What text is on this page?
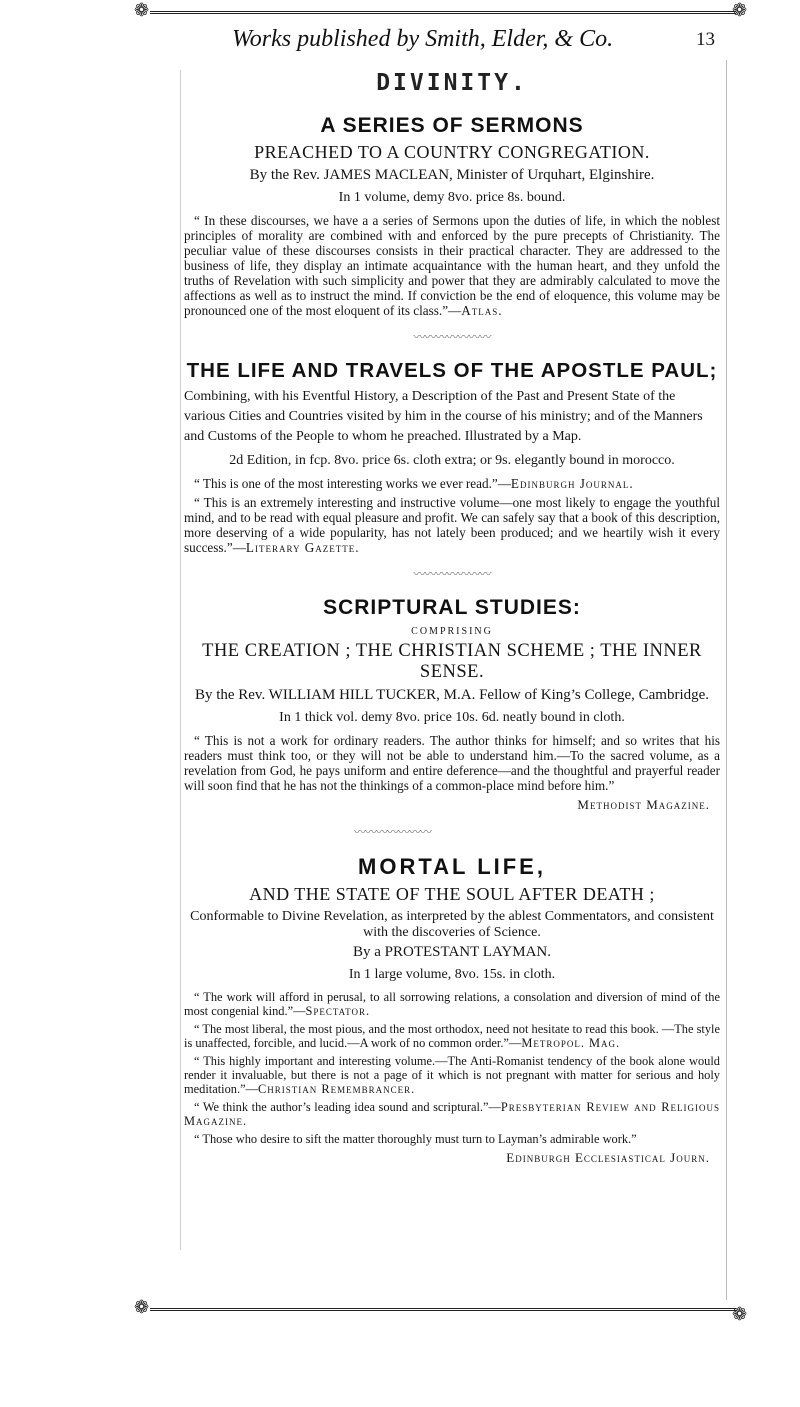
❁	❁
Works published by Smith, Elder, & Co.	13
DIVINITY.
A SERIES OF SERMONS
PREACHED TO A COUNTRY CONGREGATION.
By the Rev. JAMES MACLEAN, Minister of Urquhart, Elginshire.
In 1 volume, demy 8vo. price 8s. bound.

“ In these discourses, we have a a series of Sermons upon the duties of life, in which the noblest principles of morality are combined with and enforced by the pure precepts of Christianity. The peculiar value of these discourses consists in their practical character. They are addressed to the business of life, they display an intimate acquaintance with the human heart, and they unfold the truths of Revelation with such simplicity and power that they are admirably calculated to move the affections as well as to instruct the mind. If conviction be the end of eloquence, this volume may be pronounced one of the most eloquent of its class.”—Atlas.

〰〰〰〰〰〰〰
THE LIFE AND TRAVELS OF THE APOSTLE PAUL;

Combining, with his Eventful History, a Description of the Past and Present State of the various Cities and Countries visited by him in the course of his ministry; and of the Manners and Customs of the People to whom he preached. Illustrated by a Map.

2d Edition, in fcp. 8vo. price 6s. cloth extra; or 9s. elegantly bound in morocco.

“ This is one of the most interesting works we ever read.”—Edinburgh Journal.

“ This is an extremely interesting and instructive volume—one most likely to engage the youthful mind, and to be read with equal pleasure and profit. We can safely say that a book of this description, more deserving of a wide popularity, has not lately been produced; and we heartily wish it every success.”—Literary Gazette.

〰〰〰〰〰〰〰
SCRIPTURAL STUDIES:
COMPRISING
THE CREATION ; THE CHRISTIAN SCHEME ; THE INNER SENSE.
By the Rev. WILLIAM HILL TUCKER, M.A. Fellow of King’s College, Cambridge.
In 1 thick vol. demy 8vo. price 10s. 6d. neatly bound in cloth.

“ This is not a work for ordinary readers. The author thinks for himself; and so writes that his readers must think too, or they will not be able to understand him.—To the sacred volume, as a revelation from God, he pays uniform and entire deference—and the thoughtful and prayerful reader will soon find that he has not the thinkings of a common-place mind before him.”

Methodist Magazine.
〰〰〰〰〰〰〰
MORTAL LIFE,
AND THE STATE OF THE SOUL AFTER DEATH ;
Conformable to Divine Revelation, as interpreted by the ablest Commentators, and consistent with the discoveries of Science.
By a PROTESTANT LAYMAN.
In 1 large volume, 8vo. 15s. in cloth.

“ The work will afford in perusal, to all sorrowing relations, a consolation and diversion of mind of the most congenial kind.”—Spectator.

“ The most liberal, the most pious, and the most orthodox, need not hesitate to read this book. —The style is unaffected, forcible, and lucid.—A work of no common order.”—Metropol. Mag.

“ This highly important and interesting volume.—The Anti-Romanist tendency of the book alone would render it invaluable, but there is not a page of it which is not pregnant with matter for serious and holy meditation.”—Christian Remembrancer.

“ We think the author’s leading idea sound and scriptural.”—Presbyterian Review and Religious Magazine.

“ Those who desire to sift the matter thoroughly must turn to Layman’s admirable work.”

Edinburgh Ecclesiastical Journ.
❁	❁
